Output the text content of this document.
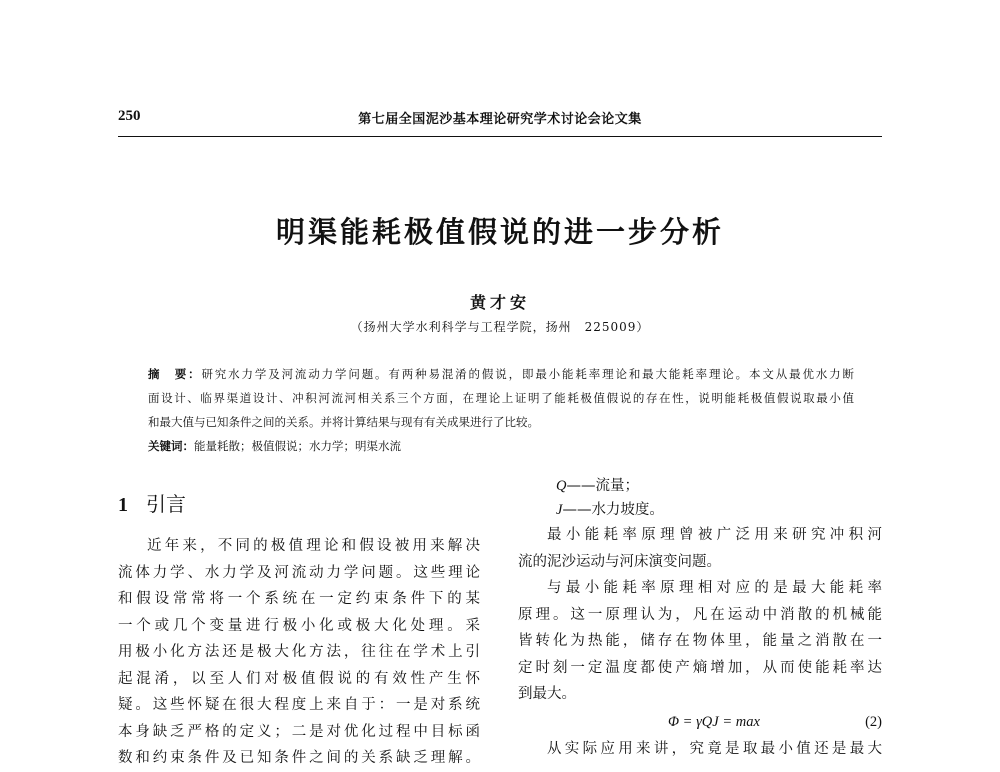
250	第七届全国泥沙基本理论研究学术讨论会论文集
明渠能耗极值假说的进一步分析
黄才安
（扬州大学水利科学与工程学院，扬州　225009）

摘　要：研究水力学及河流动力学问题。有两种易混淆的假说，即最小能耗率理论和最大能耗率理论。本文从最优水力断

面设计、临界渠道设计、冲积河流河相关系三个方面，在理论上证明了能耗极值假说的存在性，说明能耗极值假说取最小值

和最大值与已知条件之间的关系。并将计算结果与现有有关成果进行了比较。

关键词：能量耗散；极值假说；水力学；明渠水流

1 引言
近年来，不同的极值理论和假设被用来解决
流体力学、水力学及河流动力学问题。这些理论
和假设常常将一个系统在一定约束条件下的某
一个或几个变量进行极小化或极大化处理。采
用极小化方法还是极大化方法，往往在学术上引
起混淆，以至人们对极值假说的有效性产生怀
疑。这些怀疑在很大程度上来自于：一是对系统
本身缺乏严格的定义；二是对优化过程中目标函
数和约束条件及已知条件之间的关系缺乏理解。
Q——流量；
J——水力坡度。
最小能耗率原理曾被广泛用来研究冲积河
流的泥沙运动与河床演变问题。
与最小能耗率原理相对应的是最大能耗率
原理。这一原理认为，凡在运动中消散的机械能
皆转化为热能，储存在物体里，能量之消散在一
定时刻一定温度都使产熵增加，从而使能耗率达
到最大。
Φ = γQJ = max	(2)
从实际应用来讲，究竟是取最小值还是最大
